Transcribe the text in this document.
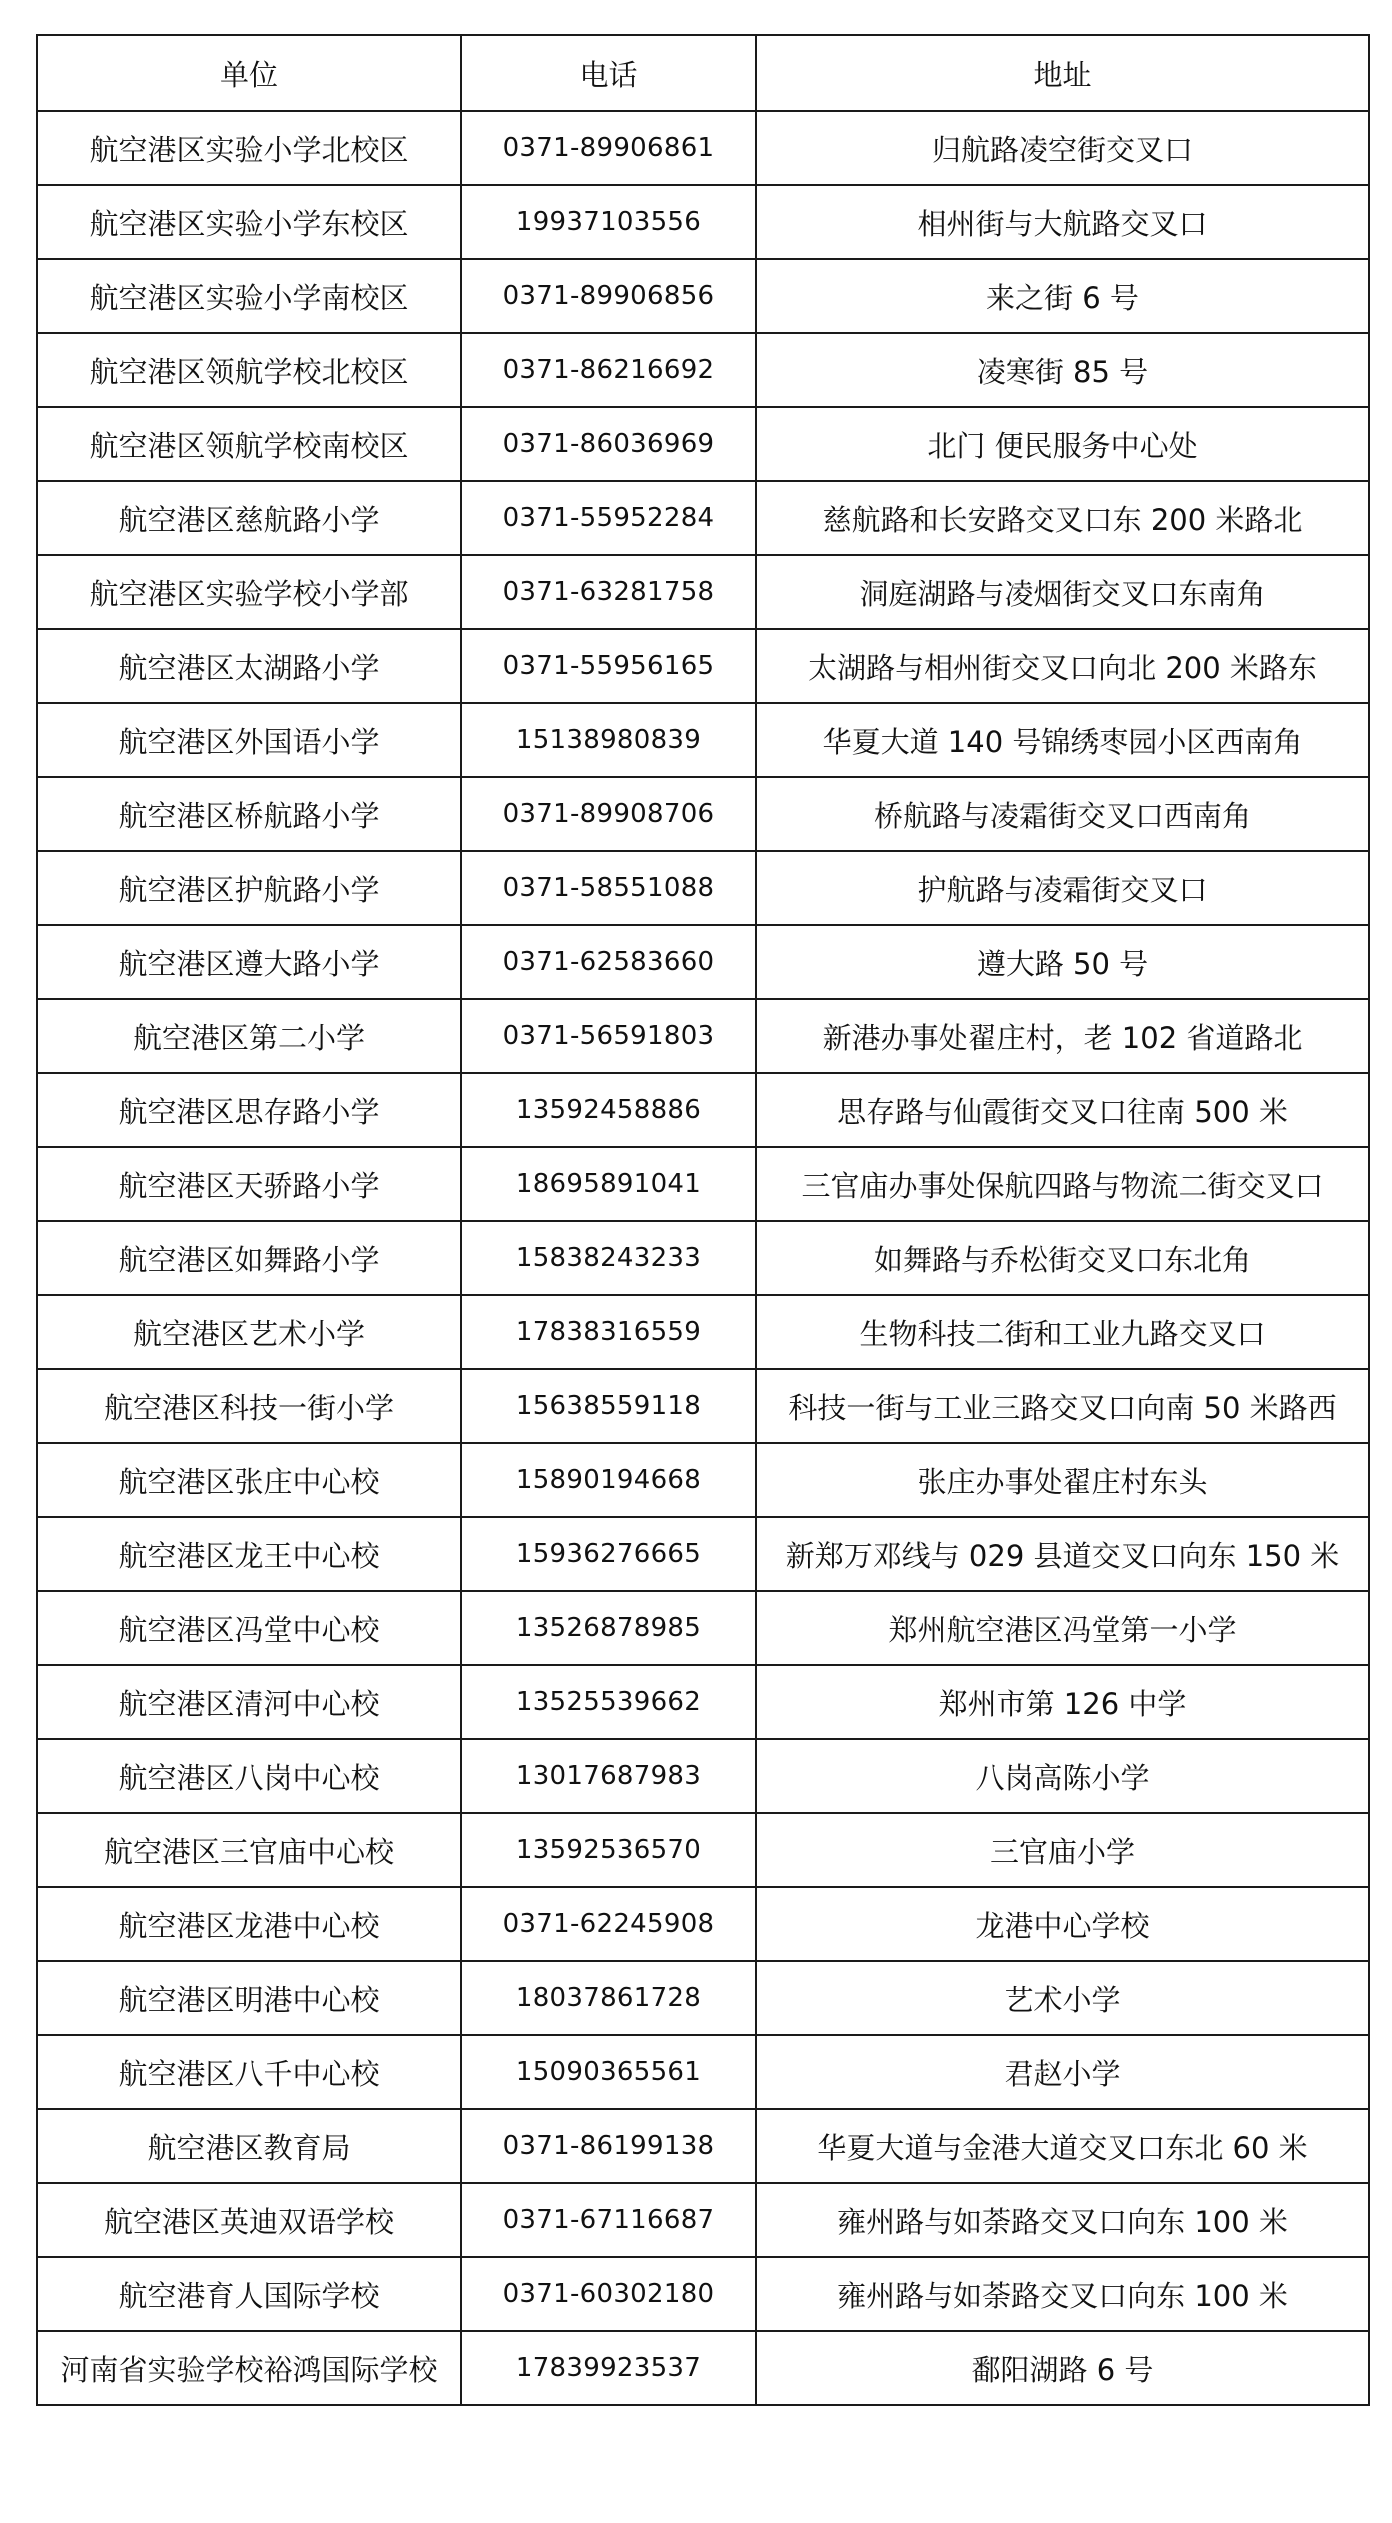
单位	电话	地址
航空港区实验小学北校区	0371-89906861	归航路凌空街交叉口
航空港区实验小学东校区	19937103556	相州街与大航路交叉口
航空港区实验小学南校区	0371-89906856	来之街 6 号
航空港区领航学校北校区	0371-86216692	凌寒街 85 号
航空港区领航学校南校区	0371-86036969	北门 便民服务中心处
航空港区慈航路小学	0371-55952284	慈航路和长安路交叉口东 200 米路北
航空港区实验学校小学部	0371-63281758	洞庭湖路与凌烟街交叉口东南角
航空港区太湖路小学	0371-55956165	太湖路与相州街交叉口向北 200 米路东
航空港区外国语小学	15138980839	华夏大道 140 号锦绣枣园小区西南角
航空港区桥航路小学	0371-89908706	桥航路与凌霜街交叉口西南角
航空港区护航路小学	0371-58551088	护航路与凌霜街交叉口
航空港区遵大路小学	0371-62583660	遵大路 50 号
航空港区第二小学	0371-56591803	新港办事处翟庄村，老 102 省道路北
航空港区思存路小学	13592458886	思存路与仙霞街交叉口往南 500 米
航空港区天骄路小学	18695891041	三官庙办事处保航四路与物流二街交叉口
航空港区如舞路小学	15838243233	如舞路与乔松街交叉口东北角
航空港区艺术小学	17838316559	生物科技二街和工业九路交叉口
航空港区科技一街小学	15638559118	科技一街与工业三路交叉口向南 50 米路西
航空港区张庄中心校	15890194668	张庄办事处翟庄村东头
航空港区龙王中心校	15936276665	新郑万邓线与 029 县道交叉口向东 150 米
航空港区冯堂中心校	13526878985	郑州航空港区冯堂第一小学
航空港区清河中心校	13525539662	郑州市第 126 中学
航空港区八岗中心校	13017687983	八岗高陈小学
航空港区三官庙中心校	13592536570	三官庙小学
航空港区龙港中心校	0371-62245908	龙港中心学校
航空港区明港中心校	18037861728	艺术小学
航空港区八千中心校	15090365561	君赵小学
航空港区教育局	0371-86199138	华夏大道与金港大道交叉口东北 60 米
航空港区英迪双语学校	0371-67116687	雍州路与如荼路交叉口向东 100 米
航空港育人国际学校	0371-60302180	雍州路与如荼路交叉口向东 100 米
河南省实验学校裕鸿国际学校	17839923537	鄱阳湖路 6 号
